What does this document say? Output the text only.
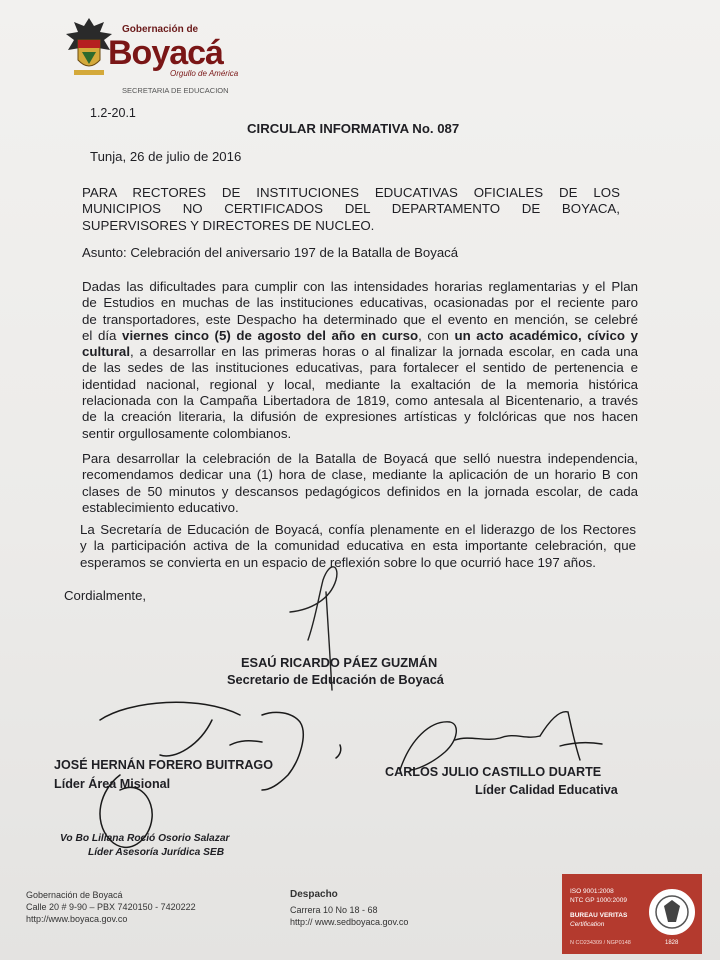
Gobernación de
Boyacá
Orgullo de América
SECRETARIA DE EDUCACION
1.2-20.1
CIRCULAR INFORMATIVA No. 087
Tunja, 26 de julio de 2016

PARA RECTORES DE INSTITUCIONES EDUCATIVAS OFICIALES DE LOS
MUNICIPIOS NO CERTIFICADOS DEL DEPARTAMENTO DE BOYACA,
SUPERVISORES Y DIRECTORES DE NUCLEO.

Asunto: Celebración del aniversario 197 de la Batalla de Boyacá

Dadas las dificultades para cumplir con las intensidades horarias reglamentarias y el Plan
de Estudios en muchas de las instituciones educativas, ocasionadas por el reciente paro
de transportadores, este Despacho ha determinado que el evento en mención, se celebré
el día viernes cinco (5) de agosto del año en curso, con un acto académico, cívico y
cultural, a desarrollar en las primeras horas o al finalizar la jornada escolar, en cada una
de las sedes de las instituciones educativas, para fortalecer el sentido de pertenencia e
identidad nacional, regional y local, mediante la exaltación de la memoria histórica
relacionada con la Campaña Libertadora de 1819, como antesala al Bicentenario, a través
de la creación literaria, la difusión de expresiones artísticas y folclóricas que nos hacen
sentir orgullosamente colombianos.

Para desarrollar la celebración de la Batalla de Boyacá que selló nuestra independencia,
recomendamos dedicar una (1) hora de clase, mediante la aplicación de un horario B con
clases de 50 minutos y descansos pedagógicos definidos en la jornada escolar, de cada
establecimiento educativo.

La Secretaría de Educación de Boyacá, confía plenamente en el liderazgo de los Rectores
y la participación activa de la comunidad educativa en esta importante celebración, que
esperamos se convierta en un espacio de reflexión sobre lo que ocurrió hace 197 años.

Cordialmente,
ESAÚ RICARDO PÁEZ GUZMÁN
Secretario de Educación de Boyacá
JOSÉ HERNÁN FORERO BUITRAGO
Líder Área Misional
CARLOS JULIO CASTILLO DUARTE
Líder Calidad Educativa
Vo Bo Liliana Roció Osorio Salazar
Líder Asesoría Jurídica SEB
Gobernación de Boyacá
Calle 20 # 9-90 – PBX 7420150 - 7420222
http://www.boyaca.gov.co
Despacho
Carrera 10 No 18 - 68
http:// www.sedboyaca.gov.co
ISO 9001:2008
NTC GP 1000:2009
BUREAU VERITAS
Certification
N CO234309 / NGP0148	1828
